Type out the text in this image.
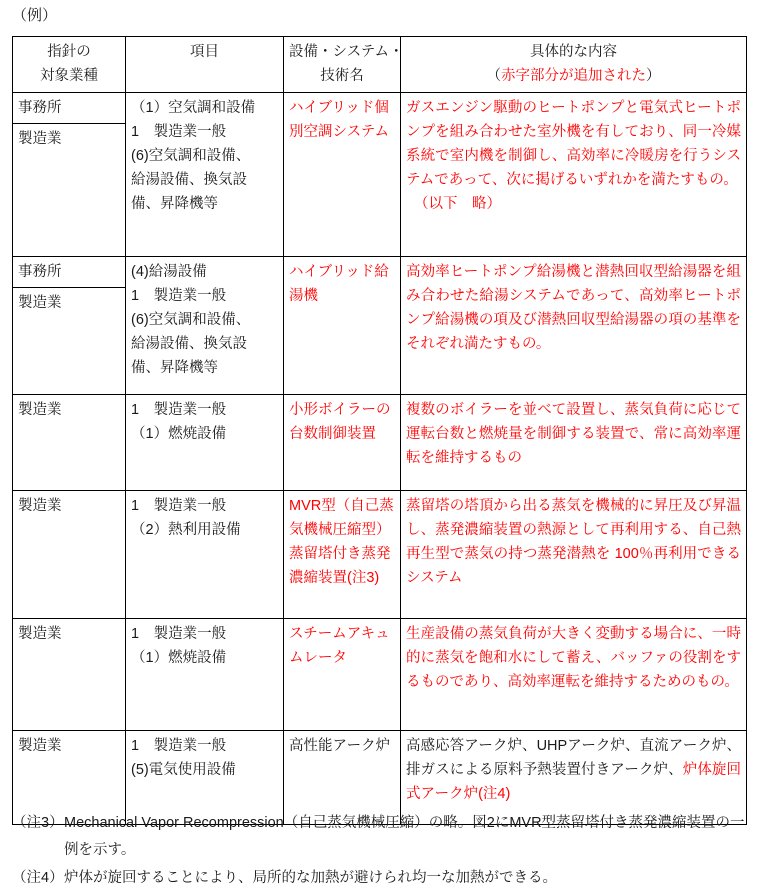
（例）
指針の
対象業種	項目	設備・システム・
技術名	具体的な内容
（赤字部分が追加された）

事務所
製造業	（1）空気調和設備
1　製造業一般
(6)空気調和設備、
給湯設備、換気設
備、昇降機等	ハイブリッド個別空調システム	ガスエンジン駆動のヒートポンプと電気式ヒートポンプを組み合わせた室外機を有しており、同一冷媒系統で室内機を制御し、高効率に冷暖房を行うシステムであって、次に掲げるいずれかを満たすもの。
（以下　略）

事務所
製造業	(4)給湯設備
1　製造業一般
(6)空気調和設備、
給湯設備、換気設
備、昇降機等	ハイブリッド給湯機	高効率ヒートポンプ給湯機と潜熱回収型給湯器を組み合わせた給湯システムであって、高効率ヒートポンプ給湯機の項及び潜熱回収型給湯器の項の基準をそれぞれ満たすもの。

製造業	1　製造業一般
（1）燃焼設備	小形ボイラーの台数制御装置	複数のボイラーを並べて設置し、蒸気負荷に応じて運転台数と燃焼量を制御する装置で、常に高効率運転を維持するもの

製造業	1　製造業一般
（2）熱利用設備	MVR型（自己蒸気機械圧縮型）蒸留塔付き蒸発濃縮装置(注3)	蒸留塔の塔頂から出る蒸気を機械的に昇圧及び昇温し、蒸発濃縮装置の熱源として再利用する、自己熱再生型で蒸気の持つ蒸発潜熱を 100％再利用できるシステム

製造業	1　製造業一般
（1）燃焼設備	スチームアキュムレータ	生産設備の蒸気負荷が大きく変動する場合に、一時的に蒸気を飽和水にして蓄え、バッファの役割をするものであり、高効率運転を維持するためのもの。

製造業	1　製造業一般
(5)電気使用設備	高性能アーク炉	高感応答アーク炉、UHPアーク炉、直流アーク炉、排ガスによる原料予熱装置付きアーク炉、炉体旋回式アーク炉(注4)
（注3） Mechanical Vapor Recompression（自己蒸気機械圧縮）の略。図2にMVR型蒸留塔付き蒸発濃縮装置の一例を示す。
（注4） 炉体が旋回することにより、局所的な加熱が避けられ均一な加熱ができる。
